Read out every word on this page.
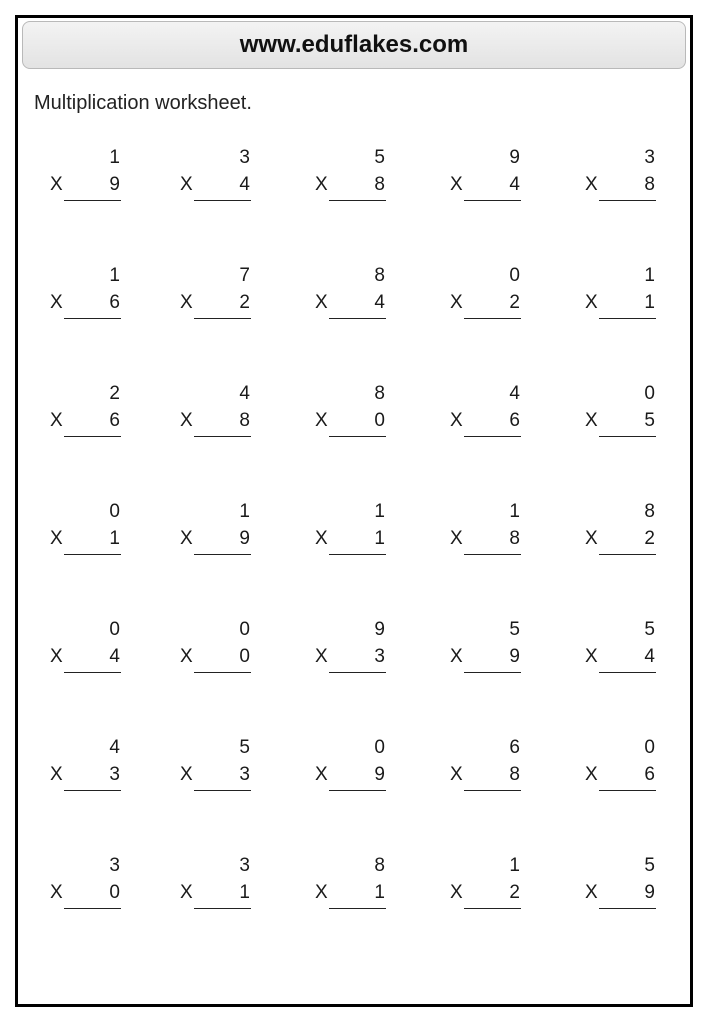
www.eduflakes.com
Multiplication worksheet.
1
X	9
3
X	4
5
X	8
9
X	4
3
X	8
1
X	6
7
X	2
8
X	4
0
X	2
1
X	1
2
X	6
4
X	8
8
X	0
4
X	6
0
X	5
0
X	1
1
X	9
1
X	1
1
X	8
8
X	2
0
X	4
0
X	0
9
X	3
5
X	9
5
X	4
4
X	3
5
X	3
0
X	9
6
X	8
0
X	6
3
X	0
3
X	1
8
X	1
1
X	2
5
X	9
